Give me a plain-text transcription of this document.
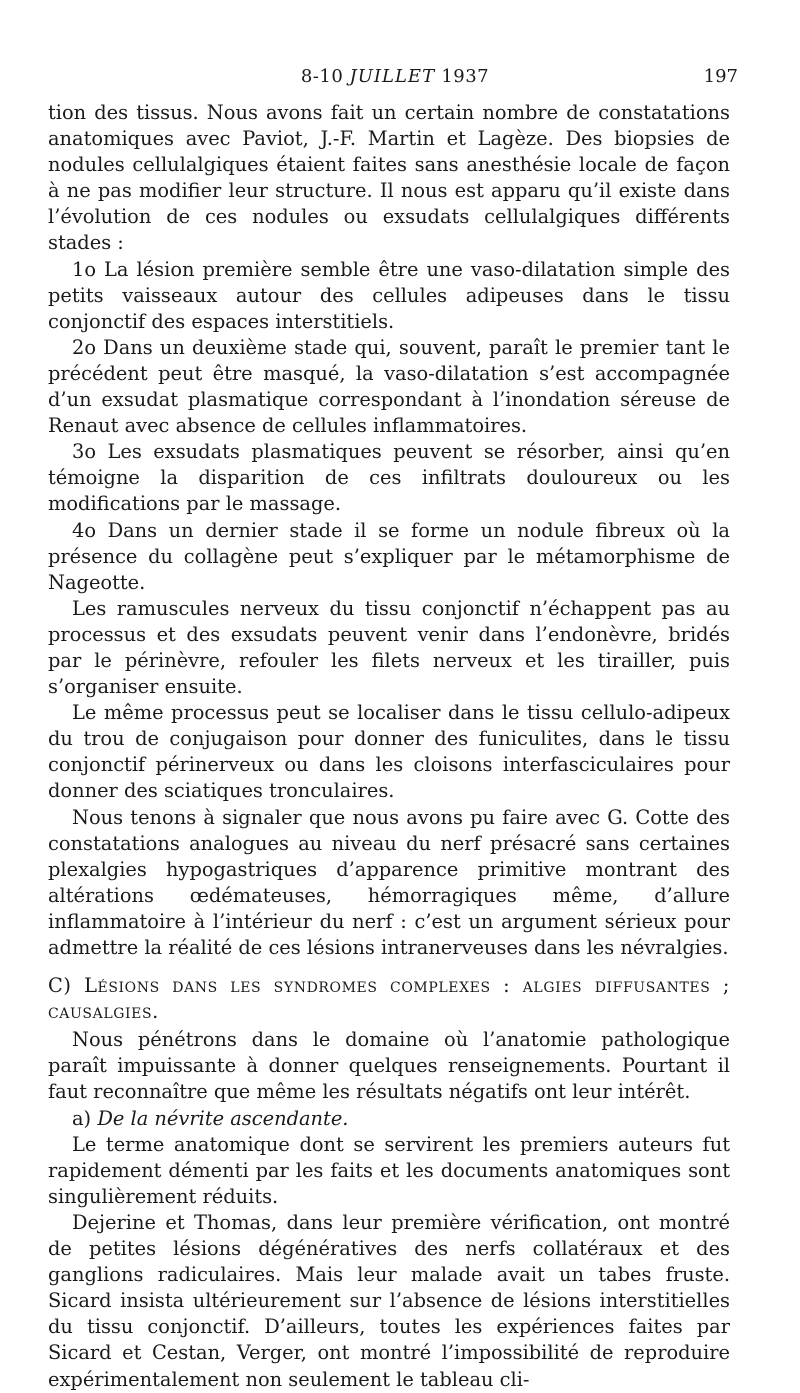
8-10 JUILLET 1937	197

tion des tissus. Nous avons fait un certain nombre de constatations anatomiques avec Paviot, J.-F. Martin et Lagèze. Des biopsies de nodules cellulalgiques étaient faites sans anesthésie locale de façon à ne pas modifier leur structure. Il nous est apparu qu’il existe dans l’évolution de ces nodules ou exsudats cellulalgiques différents stades :

1o La lésion première semble être une vaso-dilatation simple des petits vaisseaux autour des cellules adipeuses dans le tissu conjonctif des espaces interstitiels.

2o Dans un deuxième stade qui, souvent, paraît le premier tant le précédent peut être masqué, la vaso-dilatation s’est accompagnée d’un exsudat plasmatique correspondant à l’inondation séreuse de Renaut avec absence de cellules inflammatoires.

3o Les exsudats plasmatiques peuvent se résorber, ainsi qu’en témoigne la disparition de ces infiltrats douloureux ou les modifications par le massage.

4o Dans un dernier stade il se forme un nodule fibreux où la présence du collagène peut s’expliquer par le métamorphisme de Nageotte.

Les ramuscules nerveux du tissu conjonctif n’échappent pas au processus et des exsudats peuvent venir dans l’endonèvre, bridés par le périnèvre, refouler les filets nerveux et les tirailler, puis s’organiser ensuite.

Le même processus peut se localiser dans le tissu cellulo-adipeux du trou de conjugaison pour donner des funiculites, dans le tissu conjonctif périnerveux ou dans les cloisons interfasciculaires pour donner des sciatiques tronculaires.

Nous tenons à signaler que nous avons pu faire avec G. Cotte des constatations analogues au niveau du nerf présacré sans certaines plexalgies hypogastriques d’apparence primitive montrant des altérations œdémateuses, hémorragiques même, d’allure inflammatoire à l’intérieur du nerf : c’est un argument sérieux pour admettre la réalité de ces lésions intranerveuses dans les névralgies.

C) Lésions dans les syndromes complexes : algies diffusantes ; causalgies.

Nous pénétrons dans le domaine où l’anatomie pathologique paraît impuissante à donner quelques renseignements. Pourtant il faut reconnaître que même les résultats négatifs ont leur intérêt.

a) De la névrite ascendante.

Le terme anatomique dont se servirent les premiers auteurs fut rapidement démenti par les faits et les documents anatomiques sont singulièrement réduits.

Dejerine et Thomas, dans leur première vérification, ont montré de petites lésions dégénératives des nerfs collatéraux et des ganglions radiculaires. Mais leur malade avait un tabes fruste. Sicard insista ultérieurement sur l’absence de lésions interstitielles du tissu conjonctif. D’ailleurs, toutes les expériences faites par Sicard et Cestan, Verger, ont montré l’impossibilité de reproduire expérimentalement non seulement le tableau cli-
